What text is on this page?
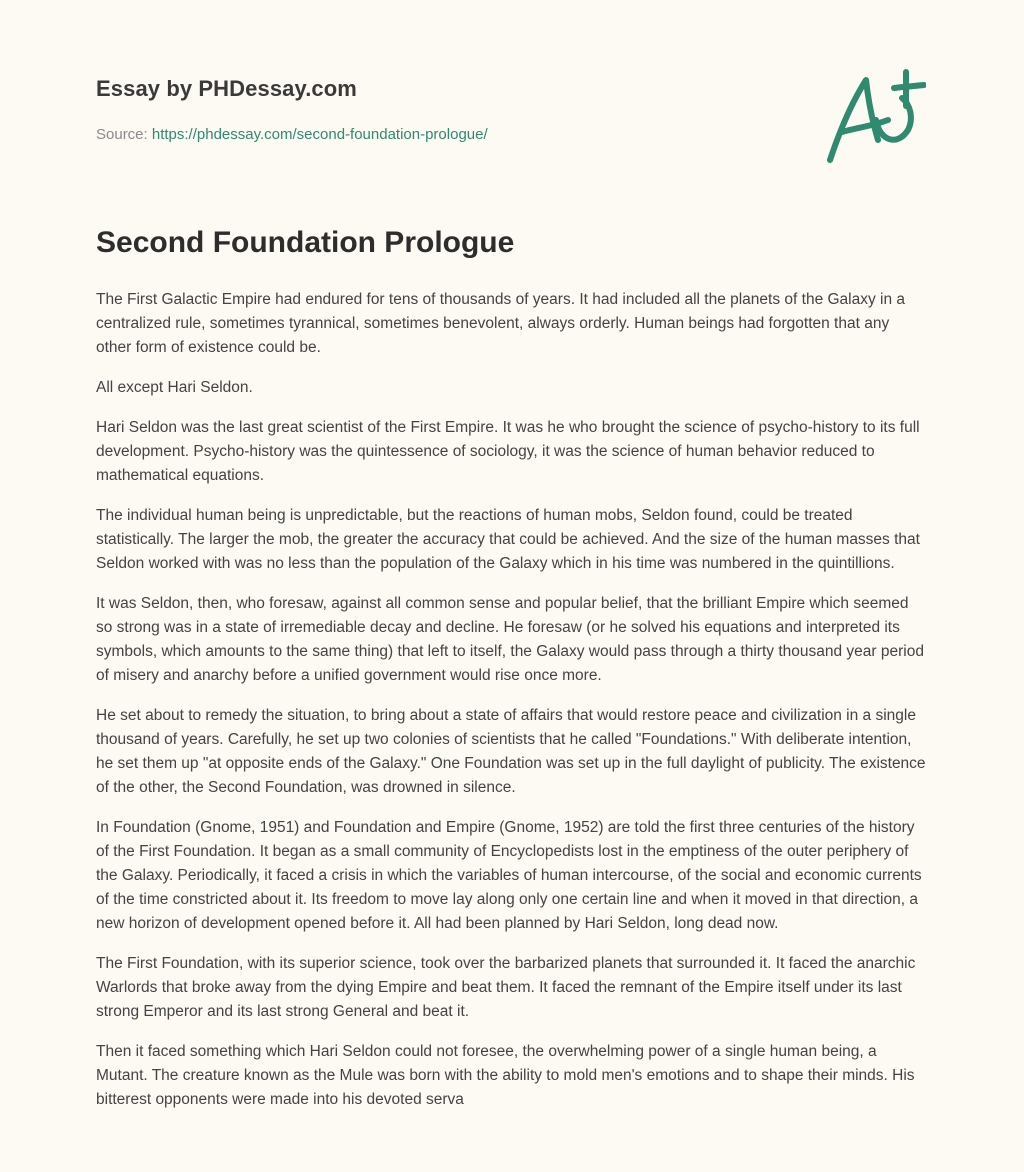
Essay by PHDessay.com
Source: https://phdessay.com/second-foundation-prologue/
Second Foundation Prologue

The First Galactic Empire had endured for tens of thousands of years. It had included all the planets of the Galaxy in a centralized rule, sometimes tyrannical, sometimes benevolent, always orderly. Human beings had forgotten that any other form of existence could be.

All except Hari Seldon.

Hari Seldon was the last great scientist of the First Empire. It was he who brought the science of psycho-history to its full development. Psycho-history was the quintessence of sociology, it was the science of human behavior reduced to mathematical equations.

The individual human being is unpredictable, but the reactions of human mobs, Seldon found, could be treated statistically. The larger the mob, the greater the accuracy that could be achieved. And the size of the human masses that Seldon worked with was no less than the population of the Galaxy which in his time was numbered in the quintillions.

It was Seldon, then, who foresaw, against all common sense and popular belief, that the brilliant Empire which seemed so strong was in a state of irremediable decay and decline. He foresaw (or he solved his equations and interpreted its symbols, which amounts to the same thing) that left to itself, the Galaxy would pass through a thirty thousand year period of misery and anarchy before a unified government would rise once more.

He set about to remedy the situation, to bring about a state of affairs that would restore peace and civilization in a single thousand of years. Carefully, he set up two colonies of scientists that he called "Foundations." With deliberate intention, he set them up "at opposite ends of the Galaxy." One Foundation was set up in the full daylight of publicity. The existence of the other, the Second Foundation, was drowned in silence.

In Foundation (Gnome, 1951) and Foundation and Empire (Gnome, 1952) are told the first three centuries of the history of the First Foundation. It began as a small community of Encyclopedists lost in the emptiness of the outer periphery of the Galaxy. Periodically, it faced a crisis in which the variables of human intercourse, of the social and economic currents of the time constricted about it. Its freedom to move lay along only one certain line and when it moved in that direction, a new horizon of development opened before it. All had been planned by Hari Seldon, long dead now.

The First Foundation, with its superior science, took over the barbarized planets that surrounded it. It faced the anarchic Warlords that broke away from the dying Empire and beat them. It faced the remnant of the Empire itself under its last strong Emperor and its last strong General and beat it.

Then it faced something which Hari Seldon could not foresee, the overwhelming power of a single human being, a Mutant. The creature known as the Mule was born with the ability to mold men's emotions and to shape their minds. His bitterest opponents were made into his devoted serva
